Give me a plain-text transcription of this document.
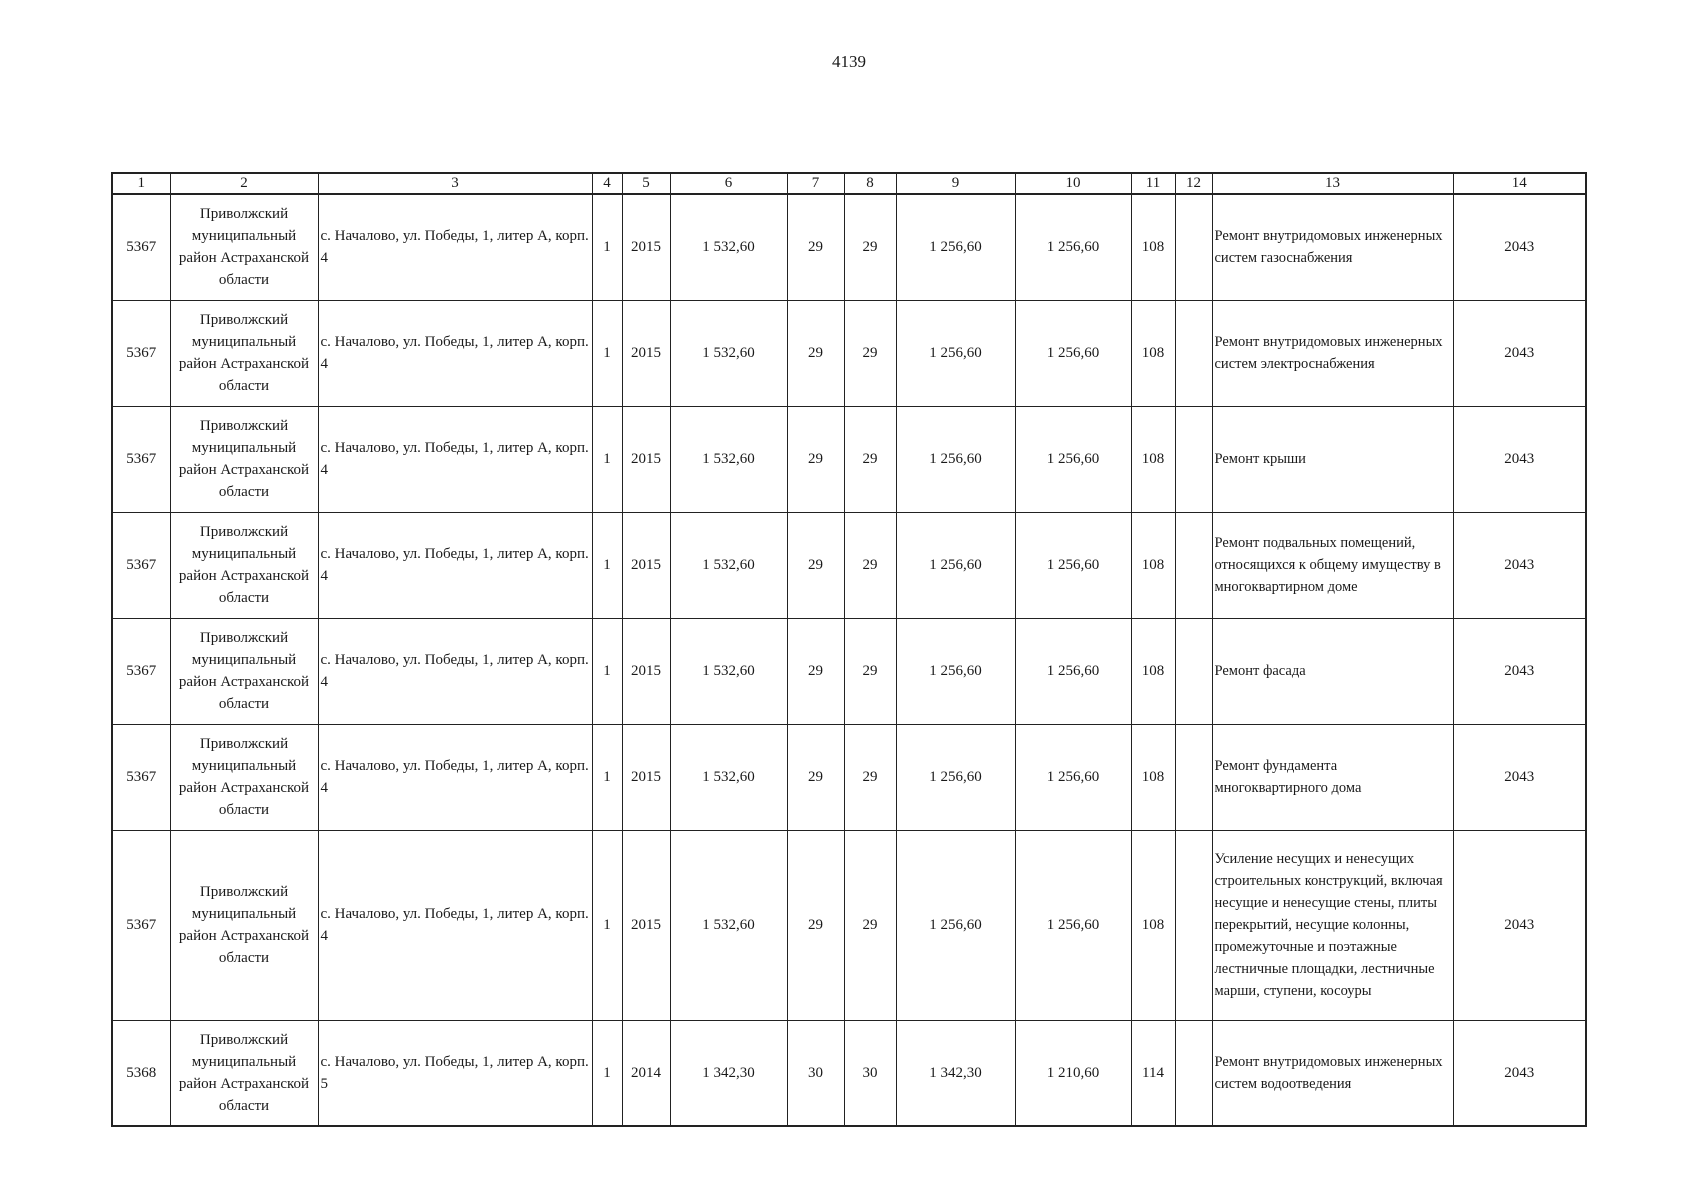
4139
1	2	3	4	5	6	7	8	9	10	11	12	13	14
5367	Приволжский муниципальный район Астраханской области	с. Началово, ул. Победы, 1, литер А, корп. 4	1	2015	1 532,60	29	29	1 256,60	1 256,60	108		Ремонт внутридомовых инженерных систем газоснабжения	2043
5367	Приволжский муниципальный район Астраханской области	с. Началово, ул. Победы, 1, литер А, корп. 4	1	2015	1 532,60	29	29	1 256,60	1 256,60	108		Ремонт внутридомовых инженерных систем электроснабжения	2043
5367	Приволжский муниципальный район Астраханской области	с. Началово, ул. Победы, 1, литер А, корп. 4	1	2015	1 532,60	29	29	1 256,60	1 256,60	108		Ремонт крыши	2043
5367	Приволжский муниципальный район Астраханской области	с. Началово, ул. Победы, 1, литер А, корп. 4	1	2015	1 532,60	29	29	1 256,60	1 256,60	108		Ремонт подвальных помещений, относящихся к общему имуществу в многоквартирном доме	2043
5367	Приволжский муниципальный район Астраханской области	с. Началово, ул. Победы, 1, литер А, корп. 4	1	2015	1 532,60	29	29	1 256,60	1 256,60	108		Ремонт фасада	2043
5367	Приволжский муниципальный район Астраханской области	с. Началово, ул. Победы, 1, литер А, корп. 4	1	2015	1 532,60	29	29	1 256,60	1 256,60	108		Ремонт фундамента многоквартирного дома	2043
5367	Приволжский муниципальный район Астраханской области	с. Началово, ул. Победы, 1, литер А, корп. 4	1	2015	1 532,60	29	29	1 256,60	1 256,60	108		Усиление несущих и ненесущих строительных конструкций, включая несущие и ненесущие стены, плиты перекрытий, несущие колонны, промежуточные и поэтажные лестничные площадки, лестничные марши, ступени, косоуры	2043
5368	Приволжский муниципальный район Астраханской области	с. Началово, ул. Победы, 1, литер А, корп. 5	1	2014	1 342,30	30	30	1 342,30	1 210,60	114		Ремонт внутридомовых инженерных систем водоотведения	2043
